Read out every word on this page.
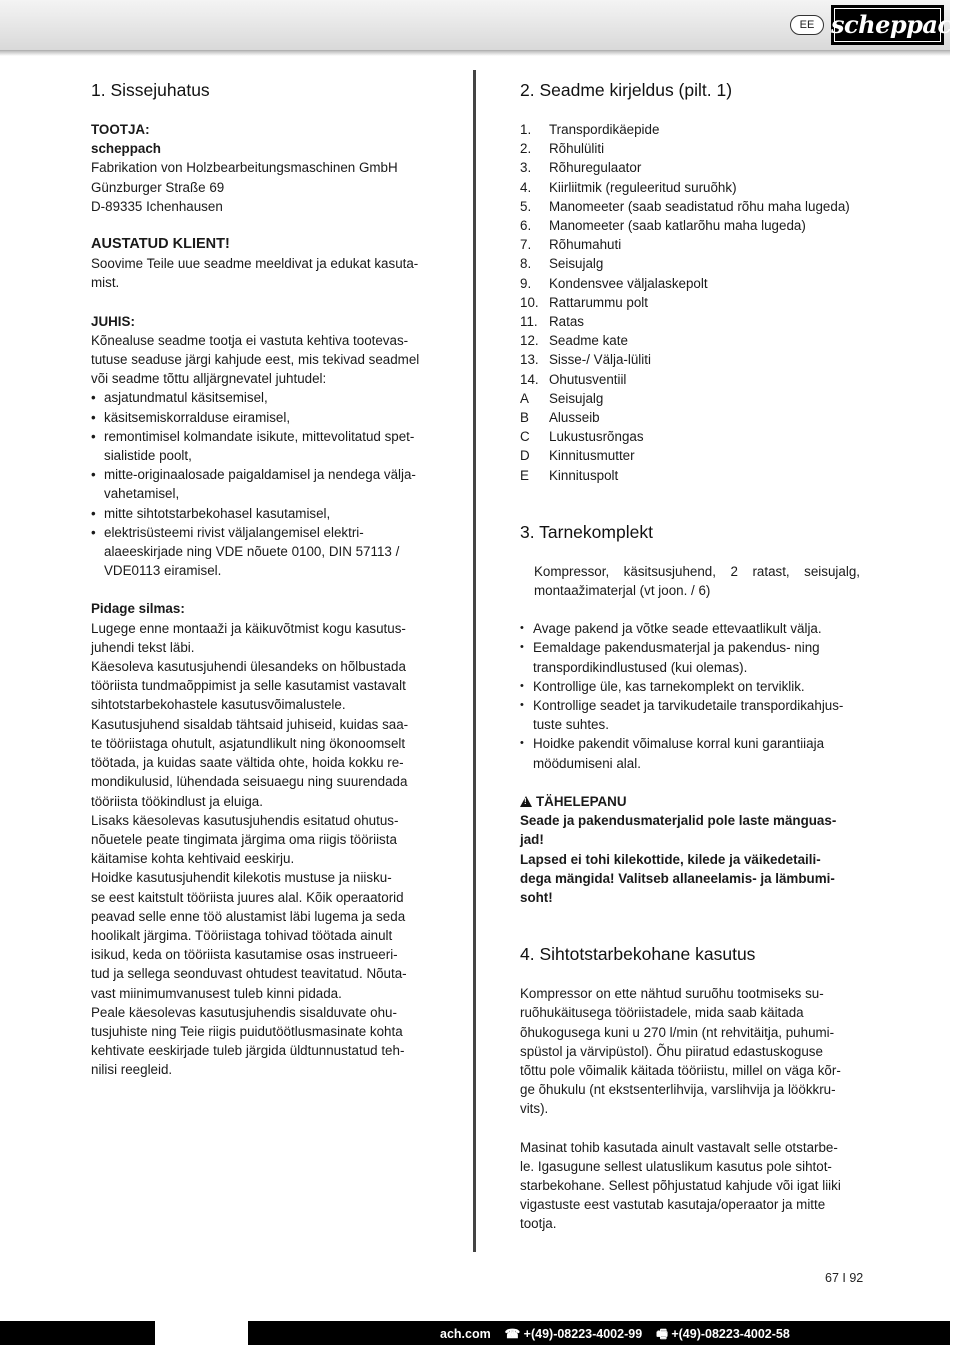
EE scheppach
1. Sissejuhatus

TOOTJA:

scheppach

Fabrikation von Holzbearbeitungsmaschinen GmbH

Günzburger Straße 69

D-89335 Ichenhausen

AUSTATUD KLIENT!

Soovime Teile uue seadme meeldivat ja edukat kasuta-

mist.

JUHIS:

Kõnealuse seadme tootja ei vastuta kehtiva tootevas-

tutuse seaduse järgi kahjude eest, mis tekivad seadmel

või seadme tõttu alljärgnevatel juhtudel:

• asjatundmatul käsitsemisel,
• käsitsemiskorralduse eiramisel,
• remontimisel kolmandate isikute, mittevolitatud spet-
sialistide poolt,
• mitte-originaalosade paigaldamisel ja nendega välja-
vahetamisel,
• mitte sihtotstarbekohasel kasutamisel,
• elektrisüsteemi rivist väljalangemisel elektri-
alaeeskirjade ning VDE nõuete 0100, DIN 57113 /
VDE0113 eiramisel.

Pidage silmas:

Lugege enne montaaži ja käikuvõtmist kogu kasutus-

juhendi tekst läbi.

Käesoleva kasutusjuhendi ülesandeks on hõlbustada

tööriista tundmaõppimist ja selle kasutamist vastavalt

sihtotstarbekohastele kasutusvõimalustele.

Kasutusjuhend sisaldab tähtsaid juhiseid, kuidas saa-

te tööriistaga ohutult, asjatundlikult ning ökonoomselt

töötada, ja kuidas saate vältida ohte, hoida kokku re-

mondikulusid, lühendada seisuaegu ning suurendada

tööriista töökindlust ja eluiga.

Lisaks käesolevas kasutusjuhendis esitatud ohutus-

nõuetele peate tingimata järgima oma riigis tööriista

käitamise kohta kehtivaid eeskirju.

Hoidke kasutusjuhendit kilekotis mustuse ja niisku-

se eest kaitstult tööriista juures alal. Kõik operaatorid

peavad selle enne töö alustamist läbi lugema ja seda

hoolikalt järgima. Tööriistaga tohivad töötada ainult

isikud, keda on tööriista kasutamise osas instrueeri-

tud ja sellega seonduvast ohtudest teavitatud. Nõuta-

vast miinimumvanusest tuleb kinni pidada.

Peale käesolevas kasutusjuhendis sisalduvate ohu-

tusjuhiste ning Teie riigis puidutöötlusmasinate kohta

kehtivate eeskirjade tuleb järgida üldtunnustatud teh-

nilisi reegleid.

2. Seadme kirjeldus (pilt. 1)
1.	Transpordikäepide
2.	Rõhulüliti
3.	Rõhuregulaator
4.	Kiirliitmik (reguleeritud suruõhk)
5.	Manomeeter (saab seadistatud rõhu maha lugeda)
6.	Manomeeter (saab katlarõhu maha lugeda)
7.	Rõhumahuti
8.	Seisujalg
9.	Kondensvee väljalaskepolt
10. Rattarummu polt
11. Ratas
12. Seadme kate
13. Sisse-/ Välja-lüliti
14. Ohutusventiil
A	Seisujalg
B	Alusseib
C	Lukustusrõngas
D	Kinnitusmutter
E	Kinnituspolt
3. Tarnekomplekt

Kompressor, käsitsusjuhend, 2 ratast, seisujalg,

montaažimaterjal (vt joon. / 6)

• Avage pakend ja võtke seade ettevaatlikult välja.
• Eemaldage pakendusmaterjal ja pakendus- ning
transpordikindlustused (kui olemas).
• Kontrollige üle, kas tarnekomplekt on terviklik.
• Kontrollige seadet ja tarvikudetaile transpordikahjus-
tuste suhtes.
• Hoidke pakendit võimaluse korral kuni garantiiaja
möödumiseni alal.

!TÄHELEPANU

Seade ja pakendusmaterjalid pole laste mänguas-

jad!

Lapsed ei tohi kilekottide, kilede ja väikedetaili-

dega mängida! Valitseb allaneelamis- ja lämbumi-

soht!

4. Sihtotstarbekohane kasutus

Kompressor on ette nähtud suruõhu tootmiseks su-

ruõhukäitusega tööriistadele, mida saab käitada

õhukogusega kuni u 270 l/min (nt rehvitäitja, puhumi-

spüstol ja värvipüstol). Õhu piiratud edastuskoguse

tõttu pole võimalik käitada tööriistu, millel on väga kõr-

ge õhukulu (nt ekstsenterlihvija, varslihvija ja löökkru-

vits).

Masinat tohib kasutada ainult vastavalt selle otstarbe-

le. Igasugune sellest ulatuslikum kasutus pole sihtot-

starbekohane. Sellest põhjustatud kahjude või igat liiki

vigastuste eest vastutab kasutaja/operaator ja mitte

tootja.

67 I 92
ach.com ☎ +(49)-08223-4002-99 🖷 +(49)-08223-4002-58
